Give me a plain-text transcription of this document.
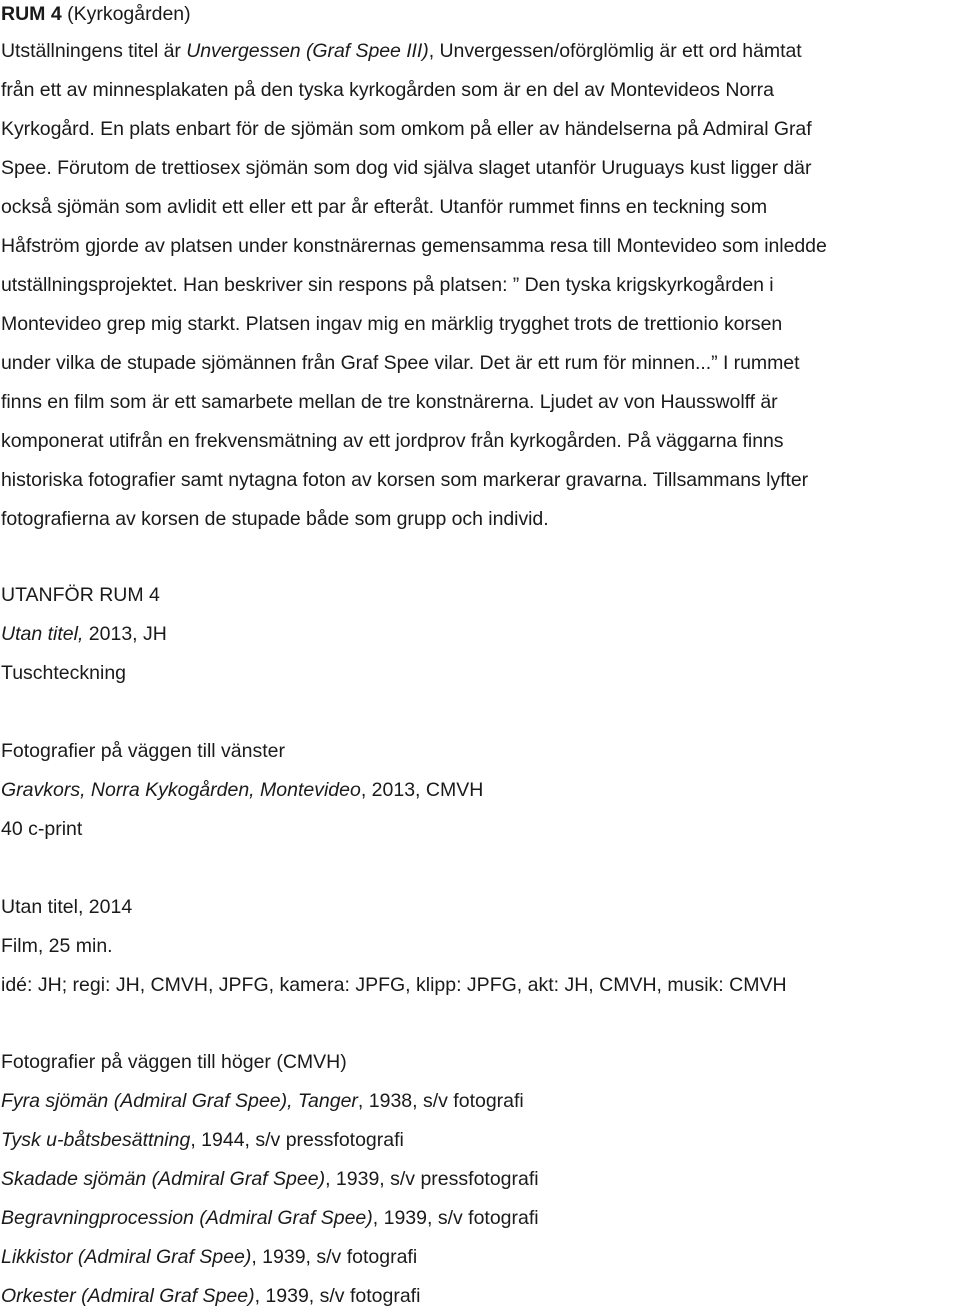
RUM 4 (Kyrkogården)
Utställningens titel är Unvergessen (Graf Spee III), Unvergessen/oförglömlig är ett ord hämtat
från ett av minnesplakaten på den tyska kyrkogården som är en del av Montevideos Norra
Kyrkogård. En plats enbart för de sjömän som omkom på eller av händelserna på Admiral Graf
Spee. Förutom de trettiosex sjömän som dog vid själva slaget utanför Uruguays kust ligger där
också sjömän som avlidit ett eller ett par år efteråt. Utanför rummet finns en teckning som
Håfström gjorde av platsen under konstnärernas gemensamma resa till Montevideo som inledde
utställningsprojektet. Han beskriver sin respons på platsen: ” Den tyska krigskyrkogården i
Montevideo grep mig starkt. Platsen ingav mig en märklig trygghet trots de trettionio korsen
under vilka de stupade sjömännen från Graf Spee vilar. Det är ett rum för minnen...” I rummet
finns en film som är ett samarbete mellan de tre konstnärerna. Ljudet av von Hausswolff är
komponerat utifrån en frekvensmätning av ett jordprov från kyrkogården. På väggarna finns
historiska fotografier samt nytagna foton av korsen som markerar gravarna. Tillsammans lyfter
fotografierna av korsen de stupade både som grupp och individ.
UTANFÖR RUM 4
Utan titel, 2013, JH
Tuschteckning
Fotografier på väggen till vänster
Gravkors, Norra Kykogården, Montevideo, 2013, CMVH
40 c-print
Utan titel, 2014
Film, 25 min.
idé: JH; regi: JH, CMVH, JPFG, kamera: JPFG, klipp: JPFG, akt: JH, CMVH, musik: CMVH
Fotografier på väggen till höger (CMVH)
Fyra sjömän (Admiral Graf Spee), Tanger, 1938, s/v fotografi
Tysk u-båtsbesättning, 1944, s/v pressfotografi
Skadade sjömän (Admiral Graf Spee), 1939, s/v pressfotografi
Begravningprocession (Admiral Graf Spee), 1939, s/v fotografi
Likkistor (Admiral Graf Spee), 1939, s/v fotografi
Orkester (Admiral Graf Spee), 1939, s/v fotografi
